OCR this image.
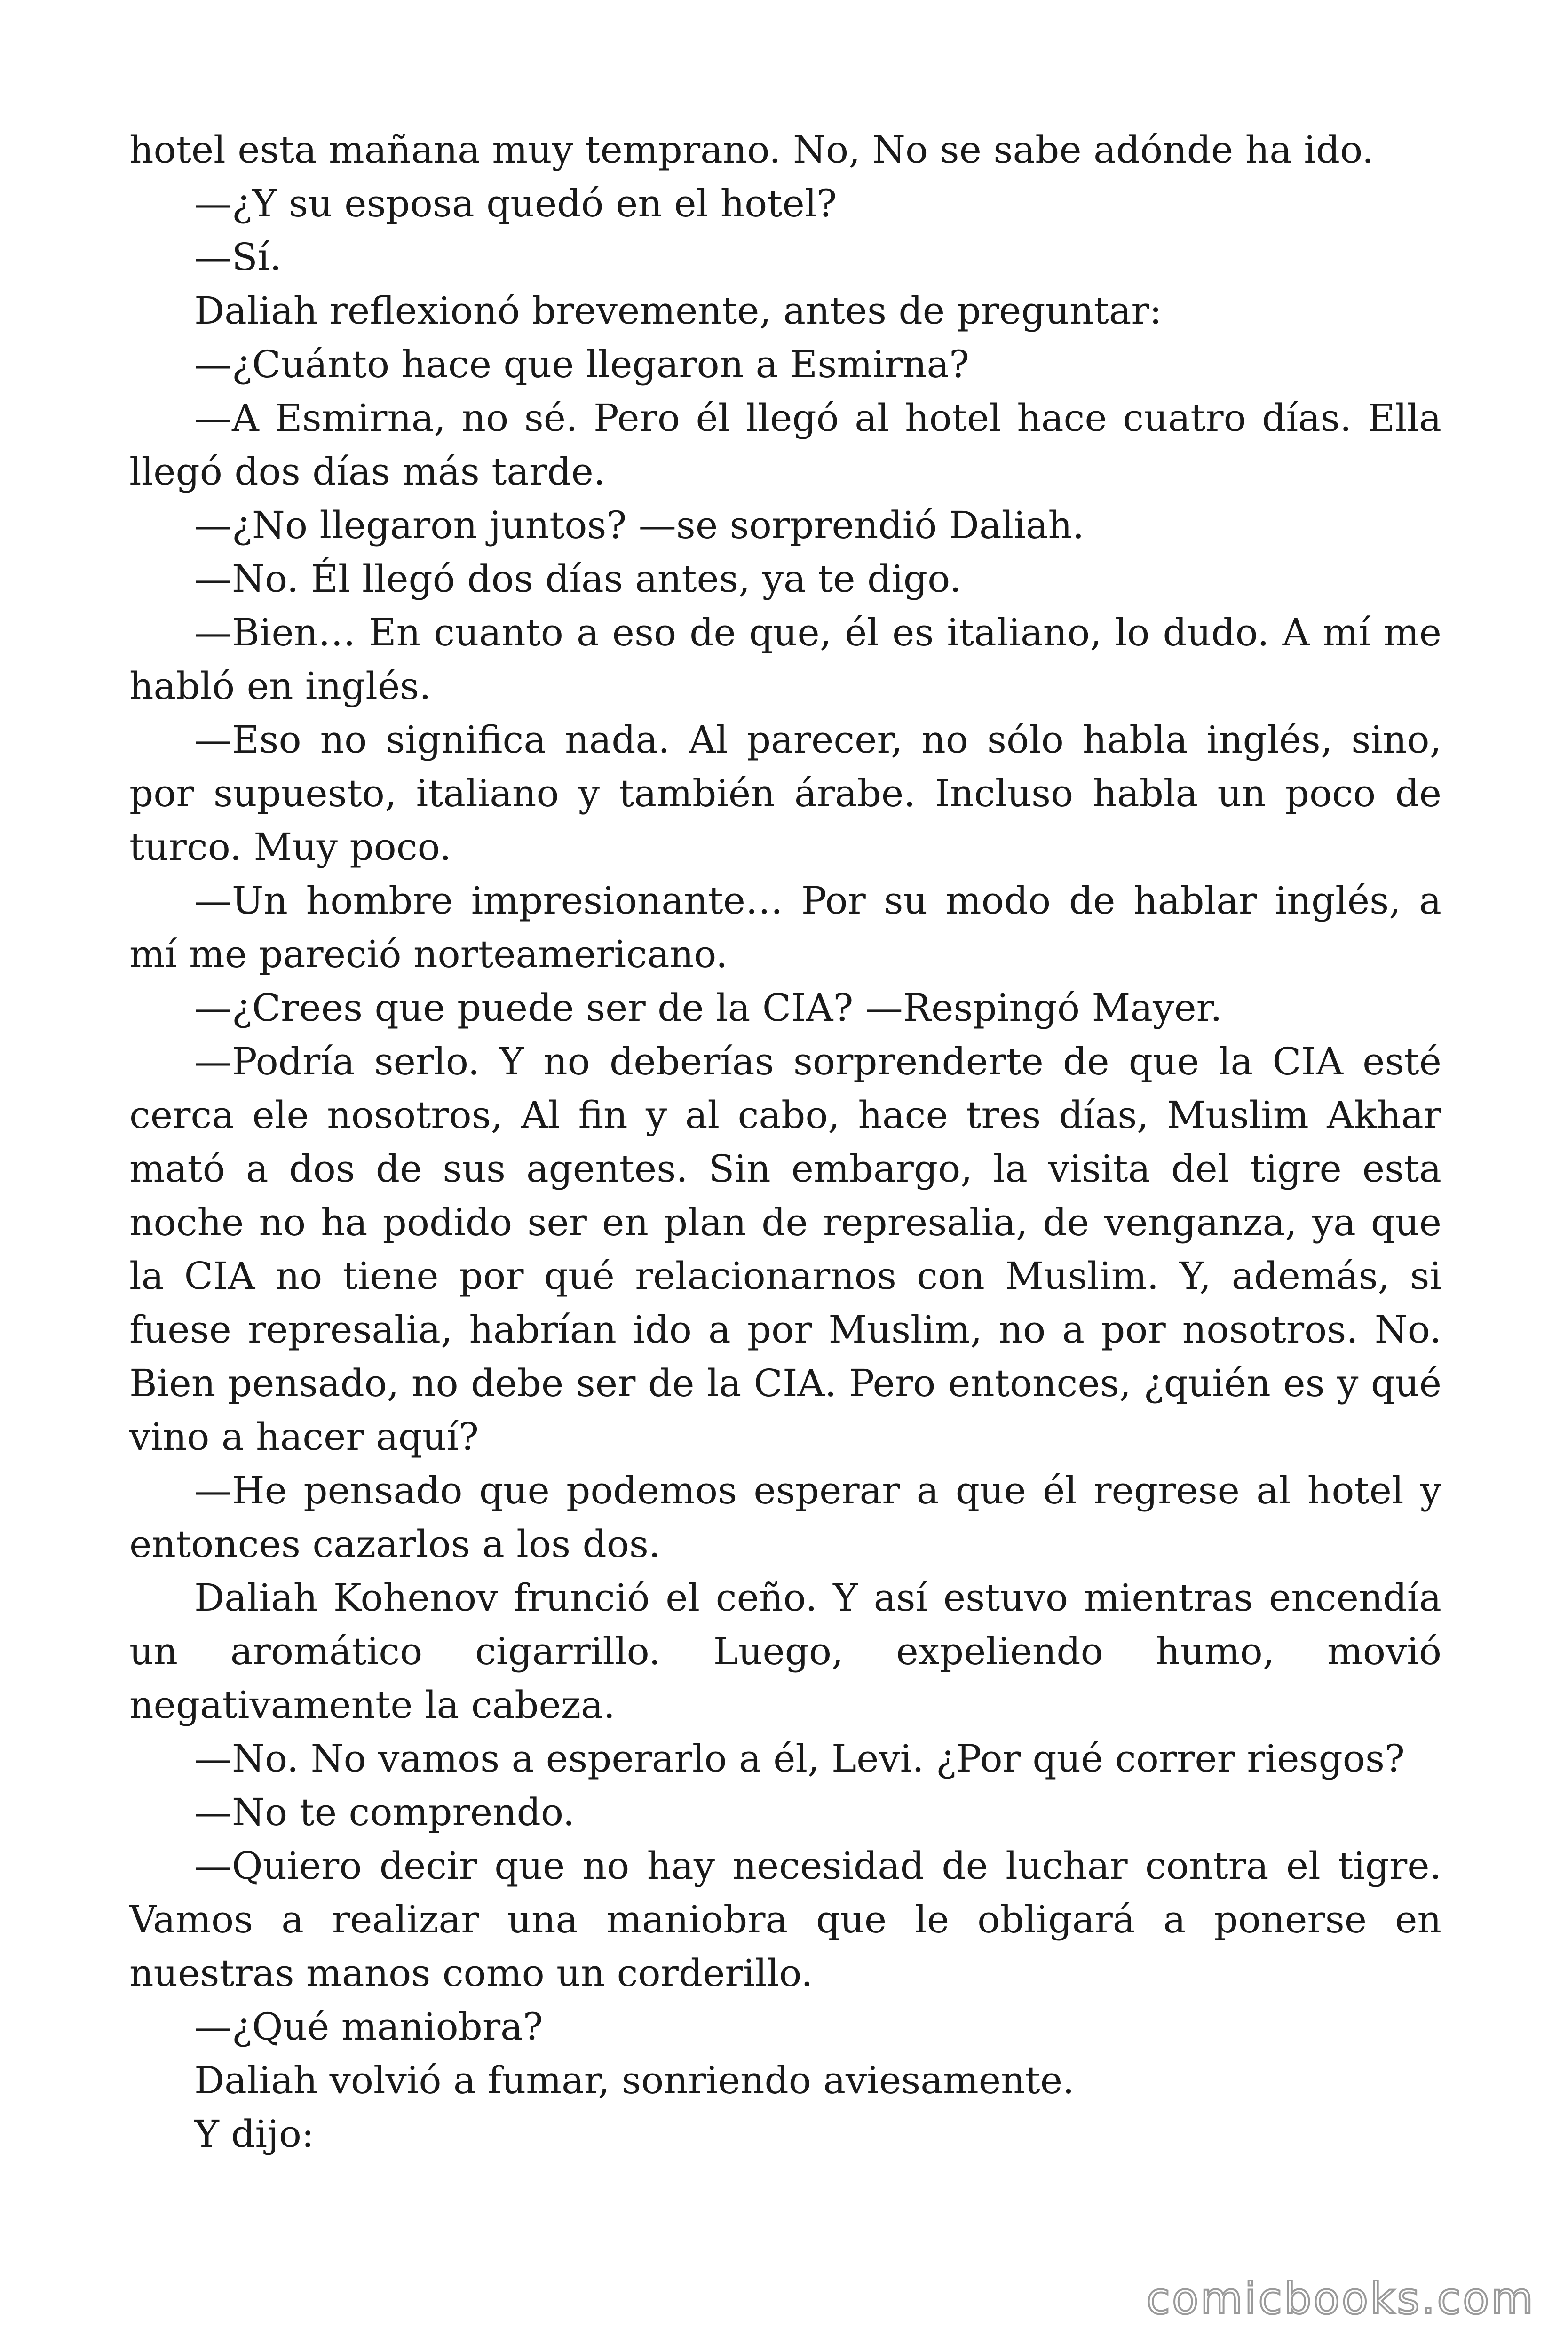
hotel esta mañana muy temprano. No, No se sabe adónde ha ido.

—¿Y su esposa quedó en el hotel?

—Sí.

Daliah reflexionó brevemente, antes de preguntar:

—¿Cuánto hace que llegaron a Esmirna?

—A Esmirna, no sé. Pero él llegó al hotel hace cuatro días. Ella llegó dos días más tarde.

—¿No llegaron juntos? —se sorprendió Daliah.

—No. Él llegó dos días antes, ya te digo.

—Bien… En cuanto a eso de que, él es italiano, lo dudo. A mí me habló en inglés.

—Eso no significa nada. Al parecer, no sólo habla inglés, sino, por supuesto, italiano y también árabe. Incluso habla un poco de turco. Muy poco.

—Un hombre impresionante… Por su modo de hablar inglés, a mí me pareció norteamericano.

—¿Crees que puede ser de la CIA? —Respingó Mayer.

—Podría serlo. Y no deberías sorprenderte de que la CIA esté cerca ele nosotros, Al fin y al cabo, hace tres días, Muslim Akhar mató a dos de sus agentes. Sin embargo, la visita del tigre esta noche no ha podido ser en plan de represalia, de venganza, ya que la CIA no tiene por qué relacionarnos con Muslim. Y, además, si fuese represalia, habrían ido a por Muslim, no a por nosotros. No. Bien pensado, no debe ser de la CIA. Pero entonces, ¿quién es y qué vino a hacer aquí?

—He pensado que podemos esperar a que él regrese al hotel y entonces cazarlos a los dos.

Daliah Kohenov frunció el ceño. Y así estuvo mientras encendía un aromático cigarrillo. Luego, expeliendo humo, movió negativamente la cabeza.

—No. No vamos a esperarlo a él, Levi. ¿Por qué correr riesgos?

—No te comprendo.

—Quiero decir que no hay necesidad de luchar contra el tigre. Vamos a realizar una maniobra que le obligará a ponerse en nuestras manos como un corderillo.

—¿Qué maniobra?

Daliah volvió a fumar, sonriendo aviesamente.

Y dijo:

comicbooks.com
